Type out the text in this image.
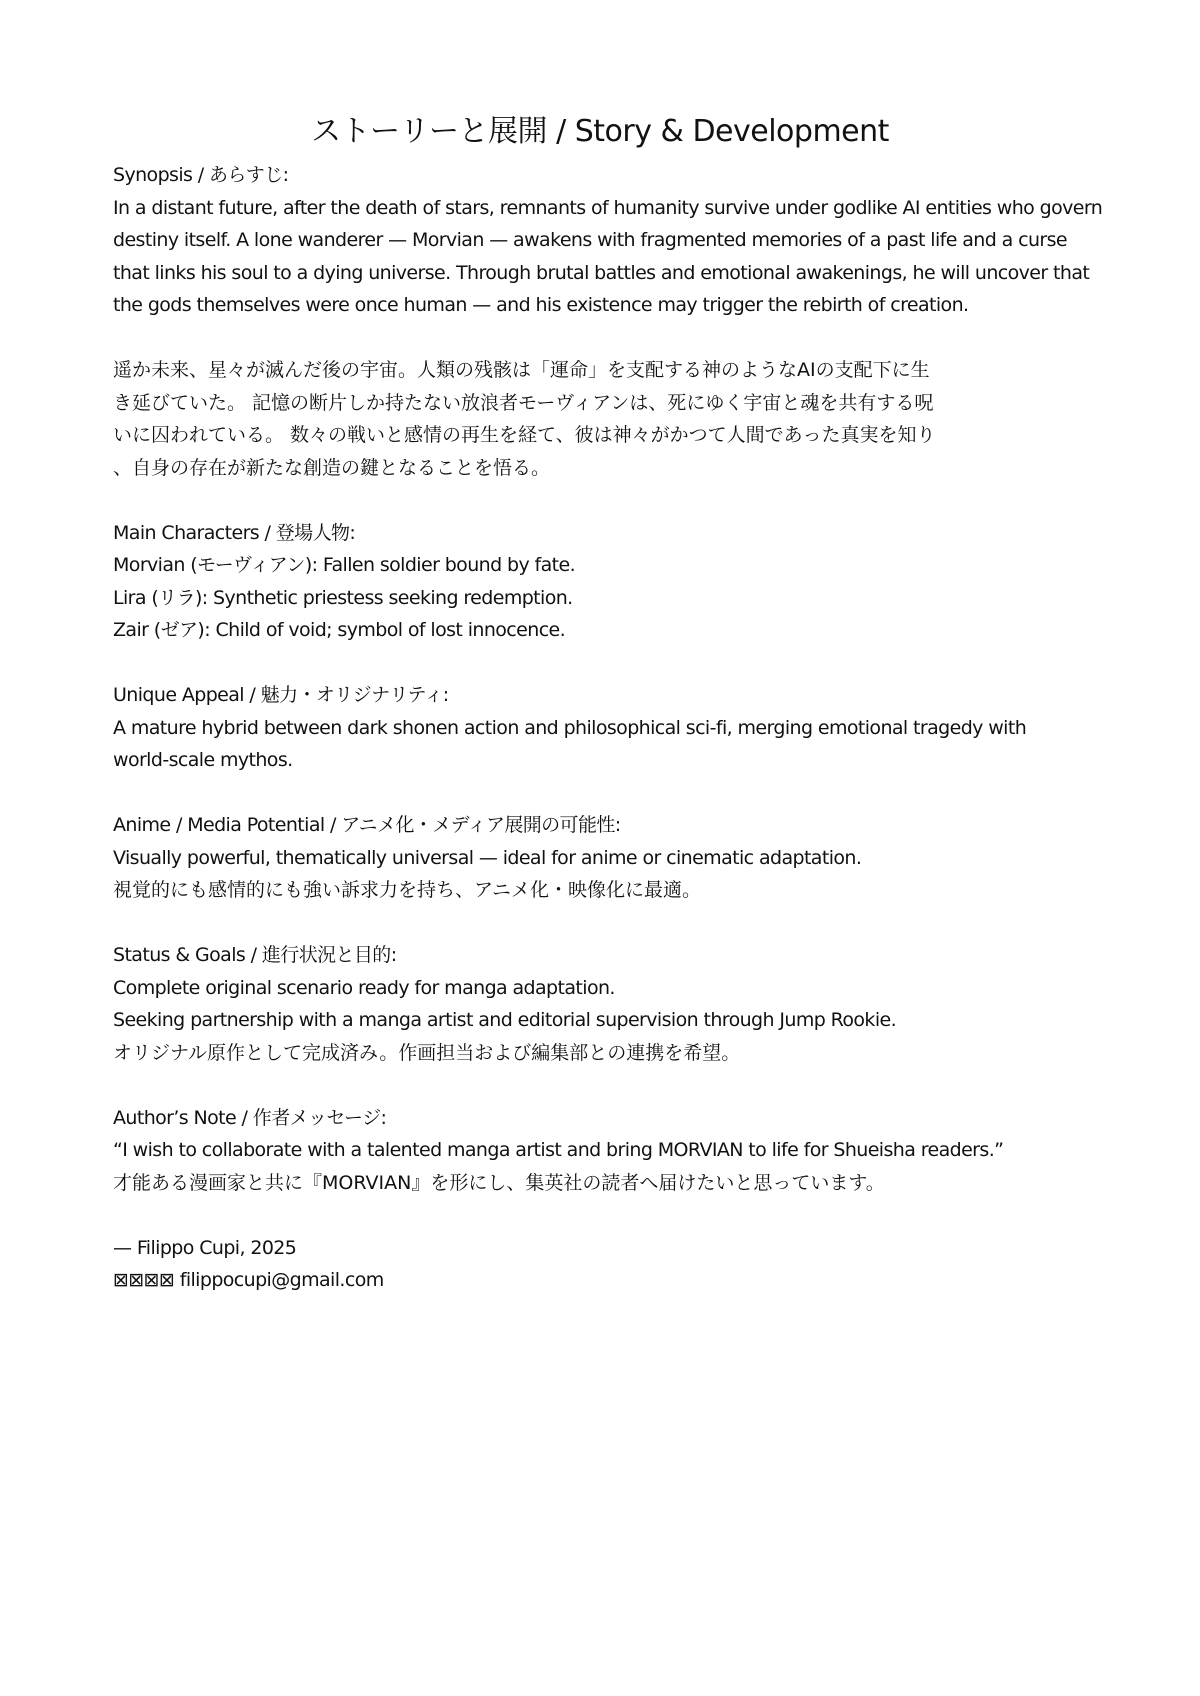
ストーリーと展開 / Story & Development
Synopsis / あらすじ:
In a distant future, after the death of stars, remnants of humanity survive under godlike AI entities who govern
destiny itself. A lone wanderer — Morvian — awakens with fragmented memories of a past life and a curse
that links his soul to a dying universe. Through brutal battles and emotional awakenings, he will uncover that
the gods themselves were once human — and his existence may trigger the rebirth of creation.
遥か未来、星々が滅んだ後の宇宙。人類の残骸は「運命」を支配する神のようなAIの支配下に生
き延びていた。 記憶の断片しか持たない放浪者モーヴィアンは、死にゆく宇宙と魂を共有する呪
いに囚われている。 数々の戦いと感情の再生を経て、彼は神々がかつて人間であった真実を知り
、自身の存在が新たな創造の鍵となることを悟る。
Main Characters / 登場人物:
Morvian (モーヴィアン): Fallen soldier bound by fate.
Lira (リラ): Synthetic priestess seeking redemption.
Zair (ゼア): Child of void; symbol of lost innocence.
Unique Appeal / 魅力・オリジナリティ:
A mature hybrid between dark shonen action and philosophical sci-fi, merging emotional tragedy with
world-scale mythos.
Anime / Media Potential / アニメ化・メディア展開の可能性:
Visually powerful, thematically universal — ideal for anime or cinematic adaptation.
視覚的にも感情的にも強い訴求力を持ち、アニメ化・映像化に最適。
Status & Goals / 進行状況と目的:
Complete original scenario ready for manga adaptation.
Seeking partnership with a manga artist and editorial supervision through Jump Rookie.
オリジナル原作として完成済み。作画担当および編集部との連携を希望。
Author’s Note / 作者メッセージ:
“I wish to collaborate with a talented manga artist and bring MORVIAN to life for Shueisha readers.”
才能ある漫画家と共に『MORVIAN』を形にし、集英社の読者へ届けたいと思っています。
— Filippo Cupi, 2025
⊠⊠⊠⊠ filippocupi@gmail.com
